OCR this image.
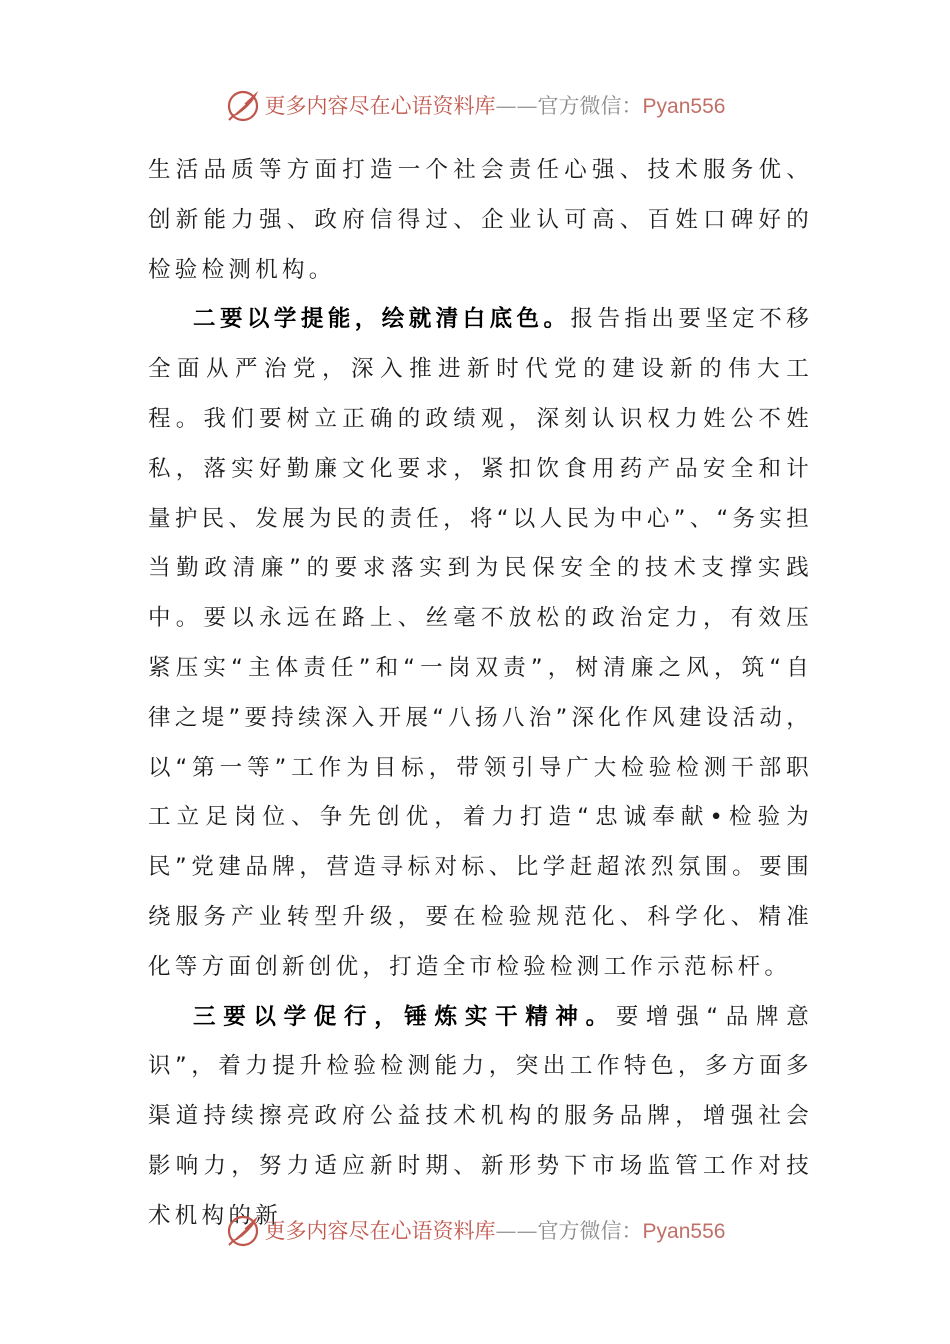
更多内容尽在心语资料库——官方微信：Pyan556

生活品质等方面打造一个社会责任心强、技术服务优、创新能力强、政府信得过、企业认可高、百姓口碑好的检验检测机构。

二要以学提能，绘就清白底色。报告指出要坚定不移全面从严治党，深入推进新时代党的建设新的伟大工程。我们要树立正确的政绩观，深刻认识权力姓公不姓私，落实好勤廉文化要求，紧扣饮食用药产品安全和计量护民、发展为民的责任，将“以人民为中心”、“务实担当勤政清廉”的要求落实到为民保安全的技术支撑实践中。要以永远在路上、丝毫不放松的政治定力，有效压紧压实“主体责任”和“一岗双责”，树清廉之风，筑“自律之堤”要持续深入开展“八扬八治”深化作风建设活动，以“第一等”工作为目标，带领引导广大检验检测干部职工立足岗位、争先创优，着力打造“忠诚奉献•检验为民”党建品牌，营造寻标对标、比学赶超浓烈氛围。要围绕服务产业转型升级，要在检验规范化、科学化、精准化等方面创新创优，打造全市检验检测工作示范标杆。

三要以学促行，锤炼实干精神。要增强“品牌意识”，着力提升检验检测能力，突出工作特色，多方面多渠道持续擦亮政府公益技术机构的服务品牌，增强社会影响力，努力适应新时期、新形势下市场监管工作对技术机构的新

更多内容尽在心语资料库——官方微信：Pyan556
